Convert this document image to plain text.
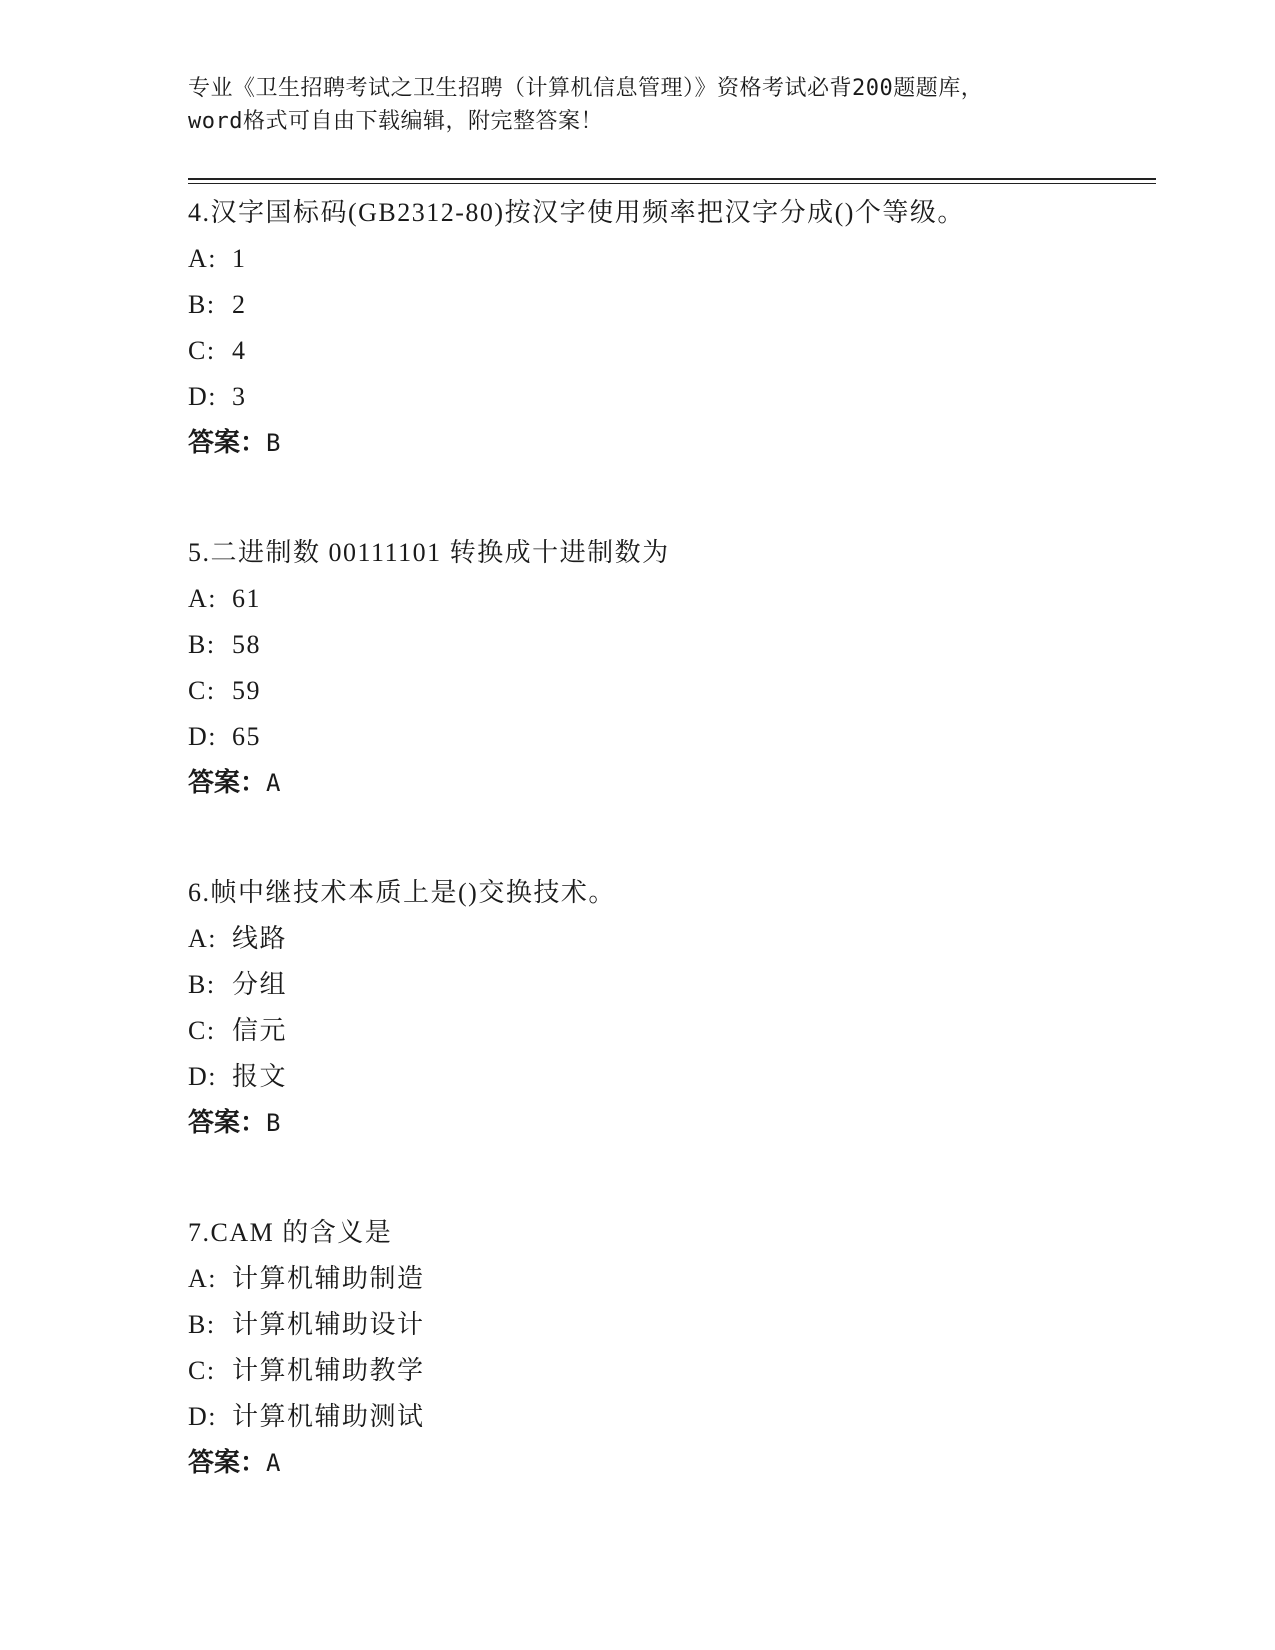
专业《卫生招聘考试之卫生招聘（计算机信息管理）》资格考试必背200题题库，
word格式可自由下载编辑，附完整答案！
4.汉字国标码(GB2312-80)按汉字使用频率把汉字分成()个等级。
A: 1
B: 2
C: 4
D: 3
答案：B
5.二进制数 00111101 转换成十进制数为
A: 61
B: 58
C: 59
D: 65
答案：A
6.帧中继技术本质上是()交换技术。
A: 线路
B: 分组
C: 信元
D: 报文
答案：B
7.CAM 的含义是
A: 计算机辅助制造
B: 计算机辅助设计
C: 计算机辅助教学
D: 计算机辅助测试
答案：A
